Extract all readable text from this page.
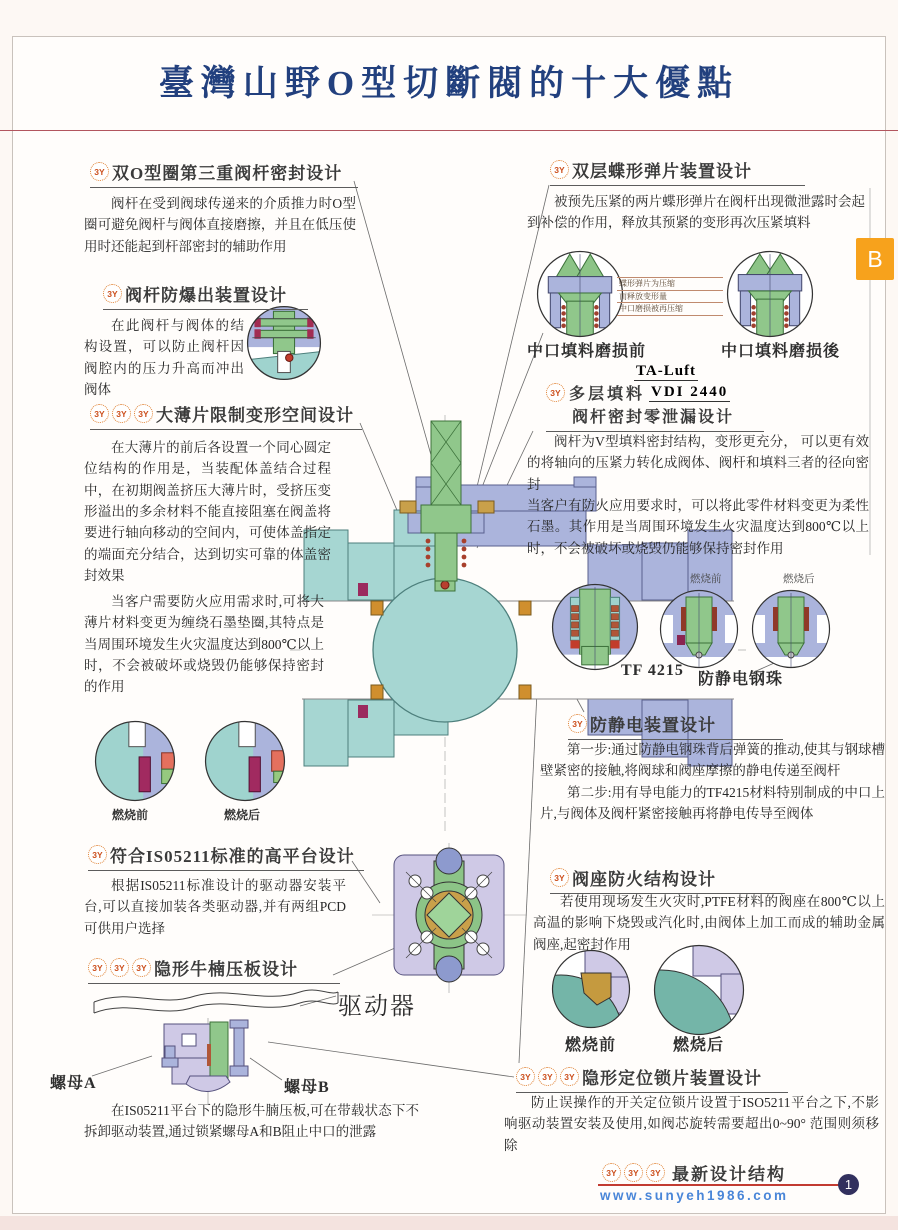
臺灣山野O型切斷閥的十大優點
B
3Y 双O型圈第三重阀杆密封设计
阀杆在受到阀球传递来的介质推力时O型圈可避免阀杆与阀体直接磨擦，并且在低压使用时还能起到杆部密封的辅助作用
3Y 阀杆防爆出装置设计
在此阀杆与阀体的结构设置，可以防止阀杆因阀腔内的压力升高而冲出阀体
3Y	3Y	3Y 大薄片限制变形空间设计
在大薄片的前后各设置一个同心圆定位结构的作用是，当装配体盖结合过程中，在初期阀盖挤压大薄片时，受挤压变形溢出的多余材料不能直接阻塞在阀盖将要进行轴向移动的空间内，可使体盖指定的端面充分结合，达到切实可靠的体盖密封效果
当客户需要防火应用需求时,可将大薄片材料变更为缠绕石墨垫圈,其特点是当周围环境发生火灾温度达到800℃以上时，不会被破坏或烧毁仍能够保持密封的作用
燃烧前	燃烧后
3Y 符合IS05211标准的高平台设计
根据IS05211标准设计的驱动器安装平台,可以直接加装各类驱动器,并有两组PCD可供用户选择
3Y	3Y	3Y 隐形牛楠压板设计
驱动器
螺母A	螺母B
在IS05211平台下的隐形牛腩压板,可在带载状态下不拆卸驱动装置,通过锁紧螺母A和B阻止中口的泄露
3Y 双层蝶形弹片装置设计
被预先压紧的两片蝶形弹片在阀杆出现微泄露时会起到补偿的作用，释放其预紧的变形再次压紧填料
蝶形弹片为压缩
而释放变形量
中口磨损被再压缩
中口填料磨损前	中口填料磨损後
TA-Luft
3Y 多层填料 VDI 2440
阀杆密封零泄漏设计

阀杆为V型填料密封结构，变形更充分， 可以更有效的将轴向的压紧力转化成阀体、阀杆和填料三者的径向密封

当客户有防火应用要求时，可以将此零件材料变更为柔性石墨。其作用是当周围环境发生火灾温度达到800℃以上时，不会被破坏或烧毁仍能够保持密封作用

燃烧前	燃烧后
TF 4215
防静电钢珠
3Y 防静电装置设计

第一步:通过防静电钢珠背后弹簧的推动,使其与钢球槽壁紧密的接触,将阀球和阀座摩擦的静电传递至阀杆

第二步:用有导电能力的TF4215材料特别制成的中口上片,与阀体及阀杆紧密接触再将静电传导至阀体

3Y 阀座防火结构设计
若使用现场发生火灾时,PTFE材料的阀座在800℃以上高温的影响下烧毁或汽化时,由阀体上加工而成的辅助金属阀座,起密封作用
燃烧前	燃烧后
3Y	3Y	3Y 隐形定位锁片装置设计
防止误操作的开关定位锁片设置于ISO5211平台之下,不影响驱动装置安装及使用,如阀芯旋转需要超出0~90° 范围则须移除
3Y	3Y	3Y 最新设计结构
www.sunyeh1986.com
1
